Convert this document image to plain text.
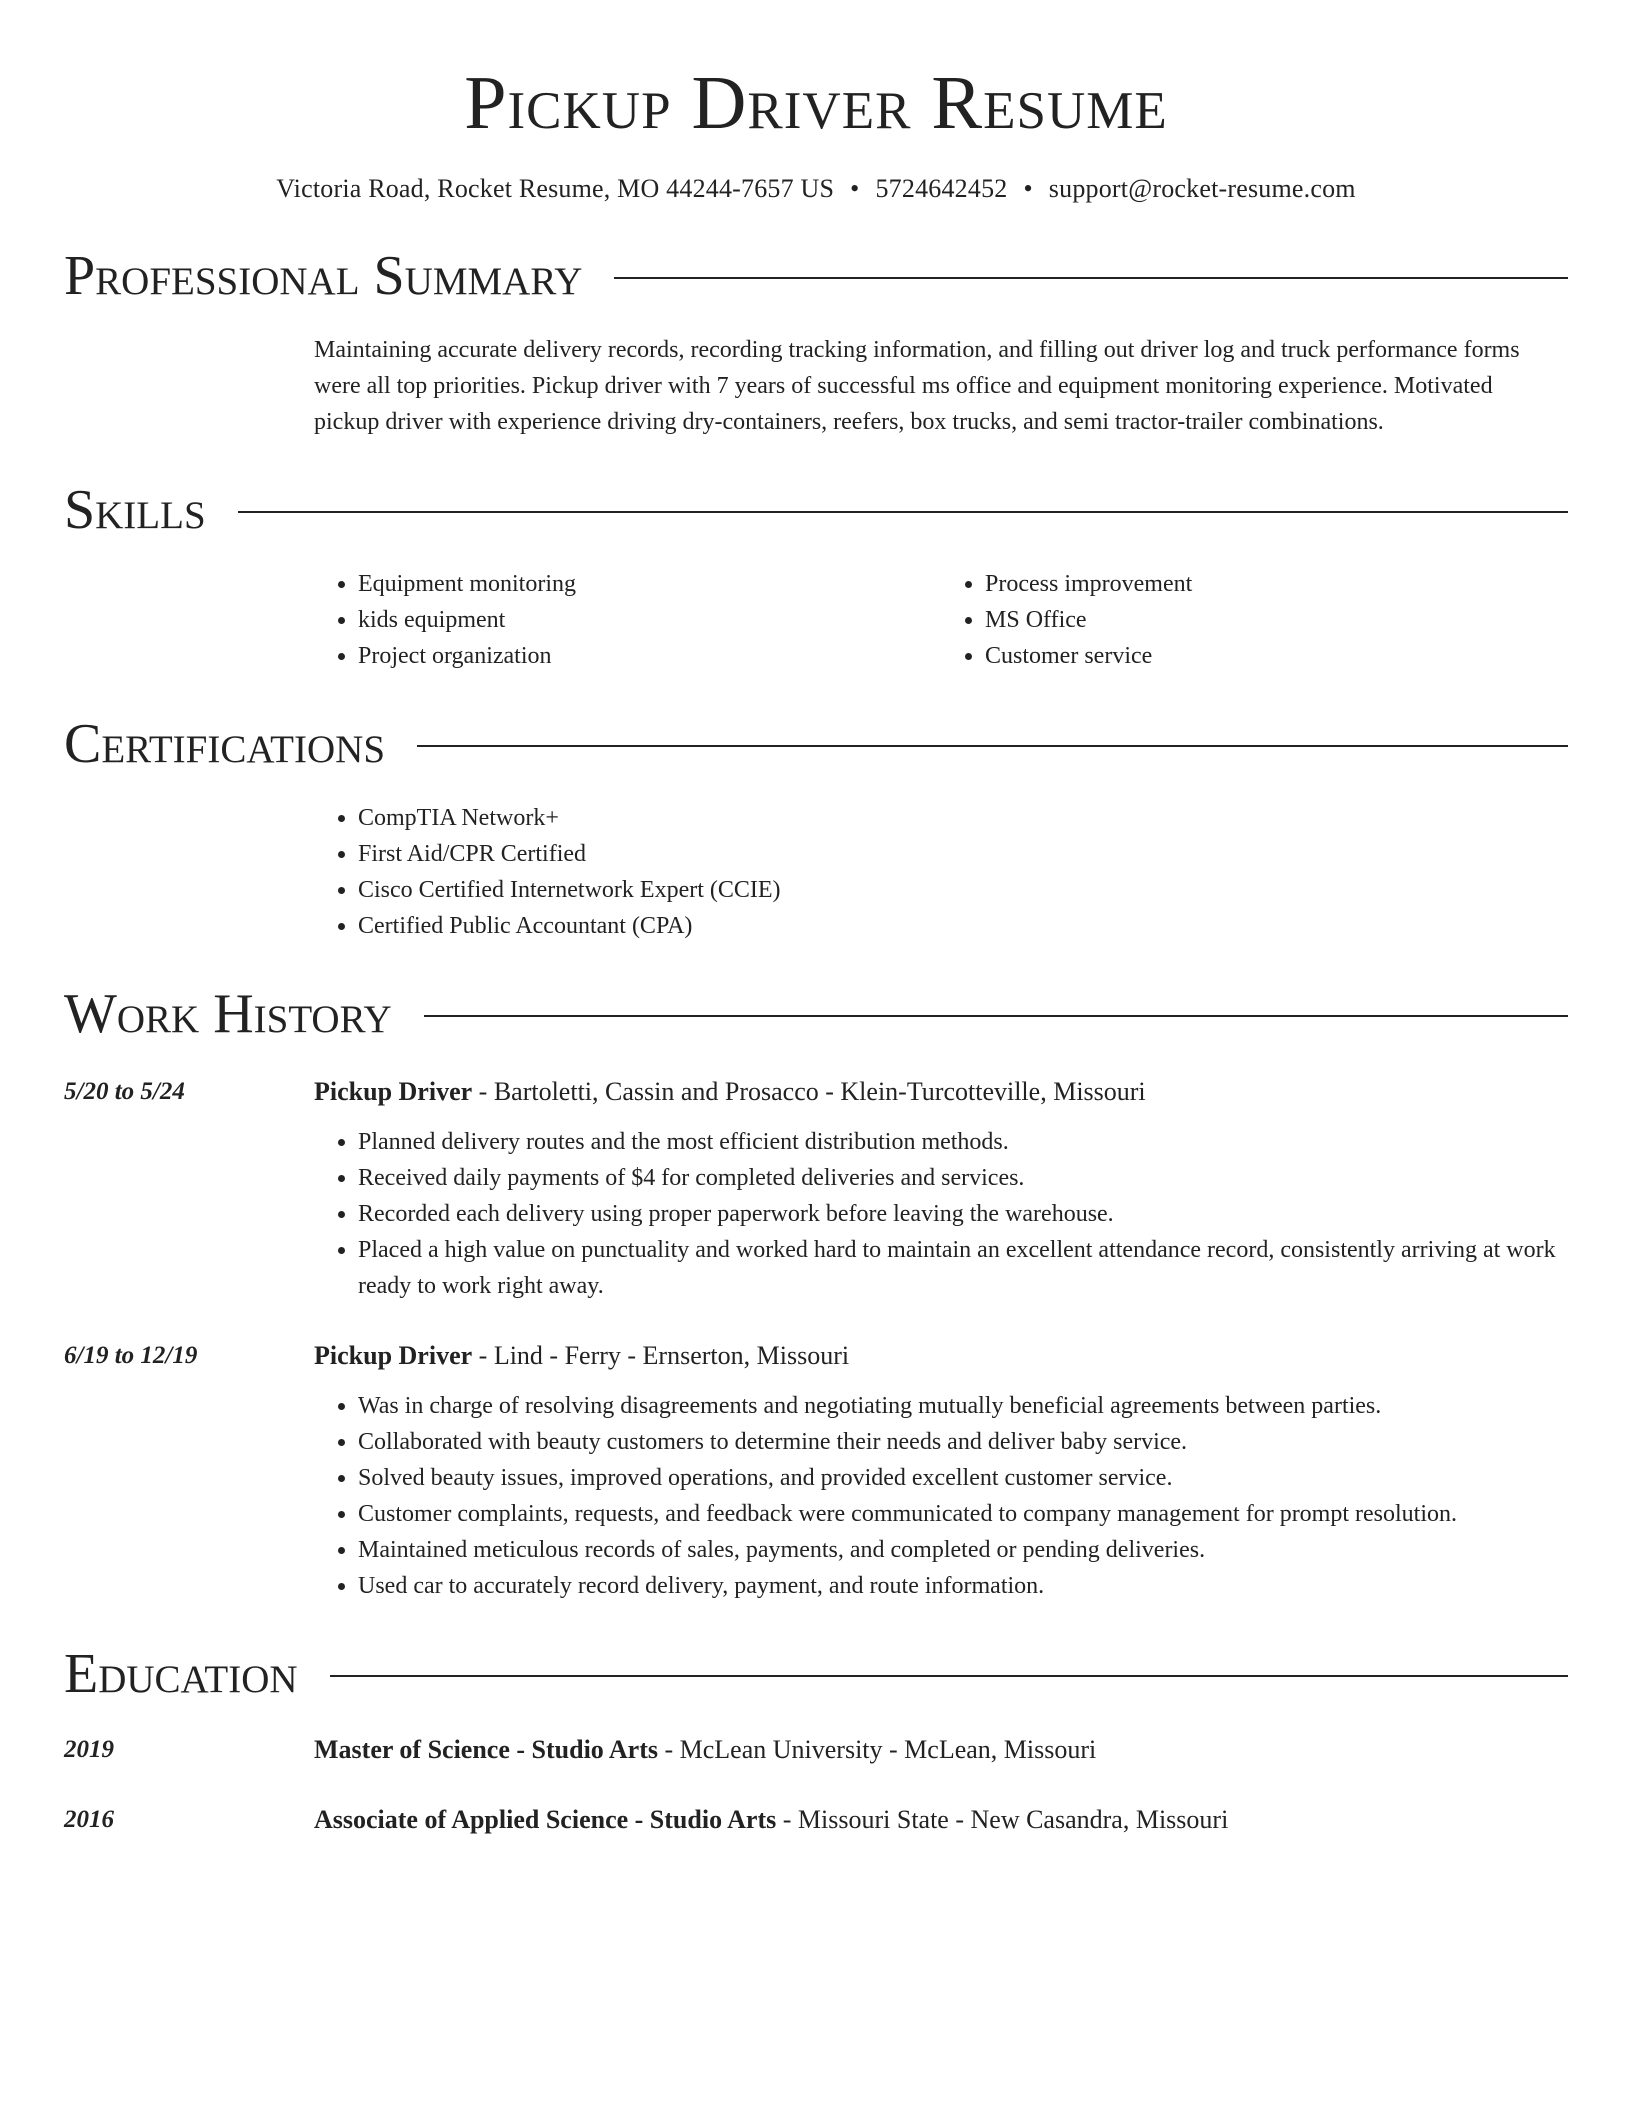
Pickup Driver Resume
Victoria Road, Rocket Resume, MO 44244-7657 US • 5724642452 • support@rocket-resume.com
Professional Summary
Maintaining accurate delivery records, recording tracking information, and filling out driver log and truck performance forms were all top priorities. Pickup driver with 7 years of successful ms office and equipment monitoring experience. Motivated pickup driver with experience driving dry-containers, reefers, box trucks, and semi tractor-trailer combinations.
Skills
• Equipment monitoring
• kids equipment
• Project organization
• Process improvement
• MS Office
• Customer service
Certifications
• CompTIA Network+
• First Aid/CPR Certified
• Cisco Certified Internetwork Expert (CCIE)
• Certified Public Accountant (CPA)
Work History
5/20 to 5/24	Pickup Driver - Bartoletti, Cassin and Prosacco - Klein-Turcotteville, Missouri
• Planned delivery routes and the most efficient distribution methods.
• Received daily payments of $4 for completed deliveries and services.
• Recorded each delivery using proper paperwork before leaving the warehouse.
• Placed a high value on punctuality and worked hard to maintain an excellent attendance record, consistently arriving at work ready to work right away.
6/19 to 12/19	Pickup Driver - Lind - Ferry - Ernserton, Missouri
• Was in charge of resolving disagreements and negotiating mutually beneficial agreements between parties.
• Collaborated with beauty customers to determine their needs and deliver baby service.
• Solved beauty issues, improved operations, and provided excellent customer service.
• Customer complaints, requests, and feedback were communicated to company management for prompt resolution.
• Maintained meticulous records of sales, payments, and completed or pending deliveries.
• Used car to accurately record delivery, payment, and route information.
Education
2019	Master of Science - Studio Arts - McLean University - McLean, Missouri
2016	Associate of Applied Science - Studio Arts - Missouri State - New Casandra, Missouri
